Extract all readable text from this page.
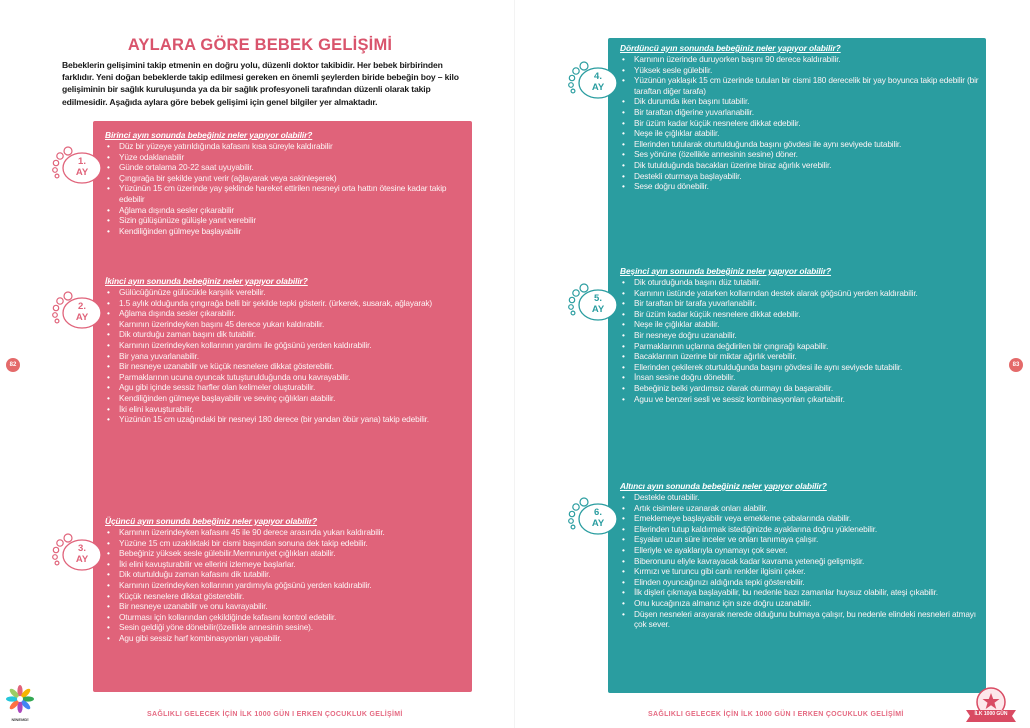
AYLARA GÖRE BEBEK GELİŞİMİ
Bebeklerin gelişimini takip etmenin en doğru yolu, düzenli doktor takibidir. Her bebek birbirinden farklıdır. Yeni doğan bebeklerde takip edilmesi gereken en önemli şeylerden biride bebeğin boy – kilo gelişiminin bir sağlık kuruluşunda ya da bir sağlık profesyoneli tarafından düzenli olarak takip edilmesidir. Aşağıda aylara göre bebek gelişimi için genel bilgiler yer almaktadır.
Birinci ayın sonunda bebeğiniz neler yapıyor olabilir?
• Düz bir yüzeye yatırıldığında kafasını kısa süreyle kaldırabilir
• Yüze odaklanabilir
• Günde ortalama 20-22 saat uyuyabilir.
• Çıngırağa bir şekilde yanıt verir (ağlayarak veya sakinleşerek)
• Yüzünün 15 cm üzerinde yay şeklinde hareket ettirilen nesneyi orta hattın ötesine kadar takip edebilir
• Ağlama dışında sesler çıkarabilir
• Sizin gülüşünüze gülüşle yanıt verebilir
• Kendiliğinden gülmeye başlayabilir
İkinci ayın sonunda bebeğiniz neler yapıyor olabilir?
• Gülücüğünüze gülücükle karşılık verebilir.
• 1.5 aylık olduğunda çıngırağa belli bir şekilde tepki gösterir. (ürkerek, susarak, ağlayarak)
• Ağlama dışında sesler çıkarabilir.
• Karnının üzerindeyken başını 45 derece yukarı kaldırabilir.
• Dik oturduğu zaman başını dik tutabilir.
• Karnının üzerindeyken kollarının yardımı ile göğsünü yerden kaldırabilir.
• Bir yana yuvarlanabilir.
• Bir nesneye uzanabilir ve küçük nesnelere dikkat gösterebilir.
• Parmaklarının ucuna oyuncak tutuşturulduğunda onu kavrayabilir.
• Agu gibi içinde sessiz harfler olan kelimeler oluşturabilir.
• Kendiliğinden gülmeye başlayabilir ve sevinç çığlıkları atabilir.
• İki elini kavuşturabilir.
• Yüzünün 15 cm uzağındaki bir nesneyi 180 derece (bir yandan öbür yana) takip edebilir.
Üçüncü ayın sonunda bebeğiniz neler yapıyor olabilir?
• Karnının üzerindeyken kafasını 45 ile 90 derece arasında yukarı kaldırabilir.
• Yüzüne 15 cm uzaklıktaki bir cismi başından sonuna dek takip edebilir.
• Bebeğiniz yüksek sesle gülebilir.Memnuniyet çığlıkları atabilir.
• İki elini kavuşturabilir ve ellerini izlemeye başlarlar.
• Dik oturtulduğu zaman kafasını dik tutabilir.
• Karnının üzerindeyken kollarının yardımıyla göğsünü yerden kaldırabilir.
• Küçük nesnelere dikkat gösterebilir.
• Bir nesneye uzanabilir ve onu kavrayabilir.
• Oturması için kollarından çekildiğinde kafasını kontrol edebilir.
• Sesin geldiği yöne dönebilir(özellikle annesinin sesine).
• Agu gibi sessiz harf kombinasyonları yapabilir.
1.
AY
2.
AY
3.
AY
82
NİNEMDİ
SAĞLIKLI GELECEK İÇİN İLK 1000 GÜN I ERKEN ÇOCUKLUK GELİŞİMİ
Dördüncü ayın sonunda bebeğiniz neler yapıyor olabilir?
• Karnının üzerinde duruyorken başını 90 derece kaldırabilir.
• Yüksek sesle gülebilir.
• Yüzünün yaklaşık 15 cm üzerinde tutulan bir cismi 180 derecelik bir yay boyunca takip edebilir (bir taraftan diğer tarafa)
• Dik durumda iken başını tutabilir.
• Bir taraftan diğerine yuvarlanabilir.
• Bir üzüm kadar küçük nesnelere dikkat edebilir.
• Neşe ile çığlıklar atabilir.
• Ellerinden tutularak oturtulduğunda başını gövdesi ile aynı seviyede tutabilir.
• Ses yönüne (özellikle annesinin sesine) döner.
• Dik tutulduğunda bacakları üzerine biraz ağırlık verebilir.
• Destekli oturmaya başlayabilir.
• Sese doğru dönebilir.
Beşinci ayın sonunda bebeğiniz neler yapıyor olabilir?
• Dik oturduğunda başını düz tutabilir.
• Karnının üstünde yatarken kollarından destek alarak göğsünü yerden kaldırabilir.
• Bir taraftan bir tarafa yuvarlanabilir.
• Bir üzüm kadar küçük nesnelere dikkat edebilir.
• Neşe ile çığlıklar atabilir.
• Bir nesneye doğru uzanabilir.
• Parmaklarının uçlarına değdirilen bir çıngırağı kapabilir.
• Bacaklarının üzerine bir miktar ağırlık verebilir.
• Ellerinden çekilerek oturtulduğunda başını gövdesi ile aynı seviyede tutabilir.
• İnsan sesine doğru dönebilir.
• Bebeğiniz belki yardımsız olarak oturmayı da başarabilir.
• Aguu ve benzeri sesli ve sessiz kombinasyonları çıkartabilir.
Altıncı ayın sonunda bebeğiniz neler yapıyor olabilir?
• Destekle oturabilir.
• Artık cisimlere uzanarak onları alabilir.
• Emeklemeye başlayabilir veya emekleme çabalarında olabilir.
• Ellerinden tutup kaldırmak istediğinizde ayaklarına doğru yüklenebilir.
• Eşyaları uzun süre inceler ve onları tanımaya çalışır.
• Elleriyle ve ayaklarıyla oynamayı çok sever.
• Biberonunu eliyle kavrayacak kadar kavrama yeteneği gelişmiştir.
• Kırmızı ve turuncu gibi canlı renkler ilgisini çeker.
• Elinden oyuncağınızı aldığında tepki gösterebilir.
• İlk dişleri çıkmaya başlayabilir, bu nedenle bazı zamanlar huysuz olabilir, ateşi çıkabilir.
• Onu kucağınıza almanız için sıze doğru uzanabilir.
• Düşen nesneleri arayarak nerede olduğunu bulmaya çalışır, bu nedenle elindeki nesneleri atmayı çok sever.
4.
AY
5.
AY
6.
AY
83
SAĞLIKLI GELECEK İÇİN İLK 1000 GÜN I ERKEN ÇOCUKLUK GELİŞİMİ	İLK 1000 GÜN
